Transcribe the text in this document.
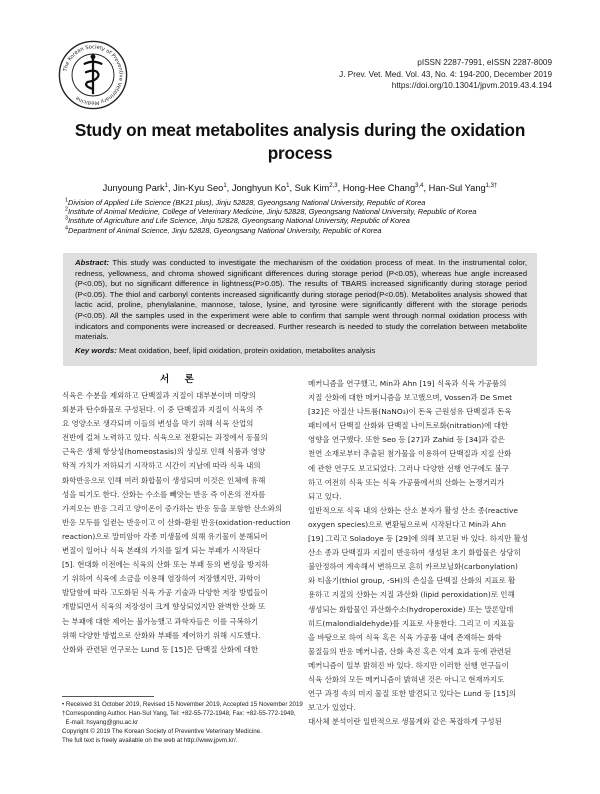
The Korean Society of Preventive Veterinary Medicine
pISSN 2287-7991, eISSN 2287-8009
J. Prev. Vet. Med. Vol. 43, No. 4: 194-200, December 2019
https://doi.org/10.13041/jpvm.2019.43.4.194
Study on meat metabolites analysis during the oxidation
process
Junyoung Park$^1$, Jin-Kyu Seo$^1$, Jonghyun Ko$^1$, Suk Kim$^{2,3}$, Hong-Hee Chang$^{3,4}$, Han-Sul Yang$^{1,3\dagger}$
$^1$Division of Applied Life Science (BK21 plus), Jinju 52828, Gyeongsang National University, Republic of Korea
$^2$Institute of Animal Medicine, College of Veterinary Medicine, Jinju 52828, Gyeongsang National University, Republic of Korea
$^3$Institute of Agriculture and Life Science, Jinju 52828, Gyeongsang National University, Republic of Korea
$^4$Department of Animal Science, Jinju 52828, Gyeongsang National University, Republic of Korea
Abstract: This study was conducted to investigate the mechanism of the oxidation process of meat. In the instrumental color, redness, yellowness, and chroma showed significant differences during storage period (P<0.05), whereas hue angle increased (P<0.05), but no significant difference in lightness(P>0.05). The results of TBARS increased significantly during storage period (P<0.05). The thiol and carbonyl contents increased significantly during storage period(P<0.05). Metabolites analysis showed that lactic acid, proline, phenylalanine, mannose, talose, lysine, and tyrosine were significantly different with the storage periods (P<0.05). All the samples used in the experiment were able to confirm that sample went through normal oxidation process with indicators and components were increased or decreased. Further research is needed to study the correlation between metabolite materials.
Key words: Meat oxidation, beef, lipid oxidation, protein oxidation, metabolites analysis
서 론
식육은 수분을 제외하고 단백질과 지질이 대부분이며 미량의
회분과 탄수화물로 구성된다. 이 중 단백질과 지질이 식육의 주
요 영양소로 생각되며 이들의 변성을 막기 위해 식육 산업의
전반에 걸쳐 노력하고 있다. 식육으로 전환되는 과정에서 동물의
근육은 생체 항상성(homeostasis)의 상실로 인해 식품과 영양
학적 가치가 저하되기 시작하고 시간이 지남에 따라 식육 내의
화학반응으로 인해 여러 화합물이 생성되며 이것은 인체에 유해
성을 띠기도 한다. 산화는 수소를 빼앗는 반응 즉 이온의 전자를
가져오는 반응 그리고 양이온이 증가하는 반응 등을 포함한 산소와의
반응 모두를 일컫는 반응이고 이 산화-환원 반응(oxidation-reduction
reaction)으로 말미암아 각종 미생물에 의해 유기물이 분해되어
변질이 일어나 식육 본래의 가치를 잃게 되는 부패가 시작된다
[5]. 현대화 이전에는 식육의 산화 또는 부패 등의 변성을 방지하
기 위하여 식육에 소금을 이용해 염장하여 저장했지만, 과학이
발달함에 따라 고도화된 식육 가공 기술과 다양한 저장 방법들이
개발되면서 식육의 저장성이 크게 향상되었지만 완벽한 산화 또
는 부패에 대한 제어는 불가능했고 과학자들은 이를 극복하기
위해 다양한 방법으로 산화와 부패를 제어하기 위해 시도했다.
산화와 관련된 연구로는 Lund 등 [15]은 단백질 산화에 대한
메커니즘을 연구했고, Min과 Ahn [19] 식육과 식육 가공품의
지질 산화에 대한 메커니즘을 보고했으며, Vossen과 De Smet
[32]은 아질산 나트륨(NaNO₃)이 돈육 근원섬유 단백질과 돈육
패티에서 단백질 산화와 단백질 나이트로화(nitration)에 대한
영향을 연구했다. 또한 Seo 등 [27]과 Zahid 등 [34]과 같은
천연 소재로부터 추출된 첨가물을 이용하여 단백질과 지질 산화
에 관한 연구도 보고되었다. 그러나 다양한 선행 연구에도 불구
하고 여전히 식육 또는 식육 가공품에서의 산화는 논쟁거리가
되고 있다.
일반적으로 식육 내의 산화는 산소 분자가 활성 산소 종(reactive
oxygen species)으로 변환됨으로써 시작된다고 Min과 Ahn
[19] 그리고 Soladoye 등 [29]에 의해 보고된 바 있다. 하지만 활성
산소 종과 단백질과 지질이 반응하여 생성된 초기 화합물은 상당히
불안정하여 계속해서 변하므로 흔히 카르보닐화(carbonylation)
와 티올기(thiol group, -SH)의 손실을 단백질 산화의 지표로 활
용하고 지질의 산화는 지질 과산화 (lipid peroxidation)로 인해
생성되는 화합물인 과산화수소(hydroperoxide) 또는 말론알데
히드(malondialdehyde)를 지표로 사용한다. 그리고 이 지표들
을 바탕으로 하여 식육 혹은 식육 가공품 내에 존재하는 화학
물질들의 반응 메커니즘, 산화 촉진 혹은 억제 효과 등에 관련된
메커니즘이 일부 밝혀진 바 있다. 하지만 이러한 선행 연구들이
식육 산화의 모든 메커니즘이 밝혀낸 것은 아니고 현재까지도
연구 과정 속의 미지 물질 또한 발견되고 있다는 Lund 등 [15]의
보고가 있었다.
대사체 분석이란 일반적으로 생물계와 같은 복잡하게 구성된
• Received 31 October 2019, Revised 15 November 2019, Accepted 15 November 2019
†Corresponding Author. Han-Sul Yang, Tel: +82-55-772-1948, Fax: +82-55-772-1949,
E-mail: hsyang@gnu.ac.kr
Copyright © 2019 The Korean Society of Preventive Veterinary Medicine.
The full text is freely available on the web at http://www.jpvm.kr/.
